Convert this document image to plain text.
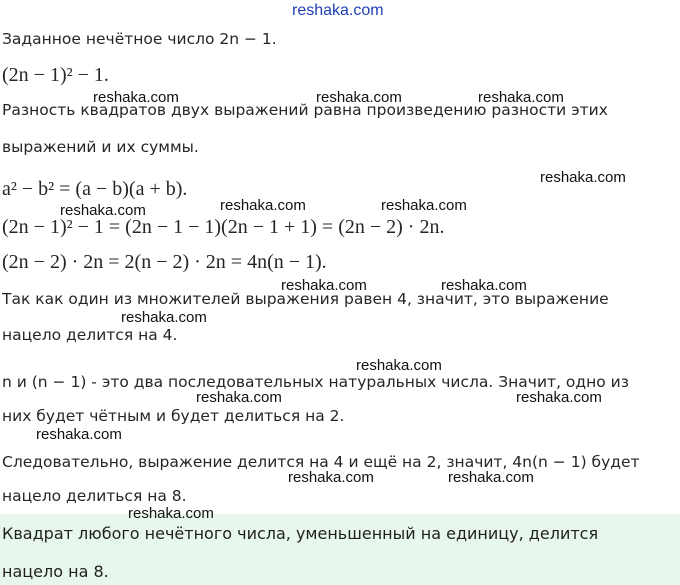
Заданное нечётное число 2n − 1.
(2n − 1)² − 1.
Разность квадратов двух выражений равна произведению разности этих
выражений и их суммы.
a² − b² = (a − b)(a + b).
(2n − 1)² − 1 = (2n − 1 − 1)(2n − 1 + 1) = (2n − 2) · 2n.
(2n − 2) · 2n = 2(n − 2) · 2n = 4n(n − 1).
Так как один из множителей выражения равен 4, значит, это выражение
нацело делится на 4.
n и (n − 1) - это два последовательных натуральных числа. Значит, одно из
них будет чётным и будет делиться на 2.
Следовательно, выражение делится на 4 и ещё на 2, значит, 4n(n − 1) будет
нацело делиться на 8.
Квадрат любого нечётного числа, уменьшенный на единицу, делится
нацело на 8.
reshaka.com
reshaka.com	reshaka.com	reshaka.com
reshaka.com
reshaka.com	reshaka.com
reshaka.com
reshaka.com	reshaka.com
reshaka.com
reshaka.com
reshaka.com	reshaka.com
reshaka.com
reshaka.com	reshaka.com
reshaka.com
